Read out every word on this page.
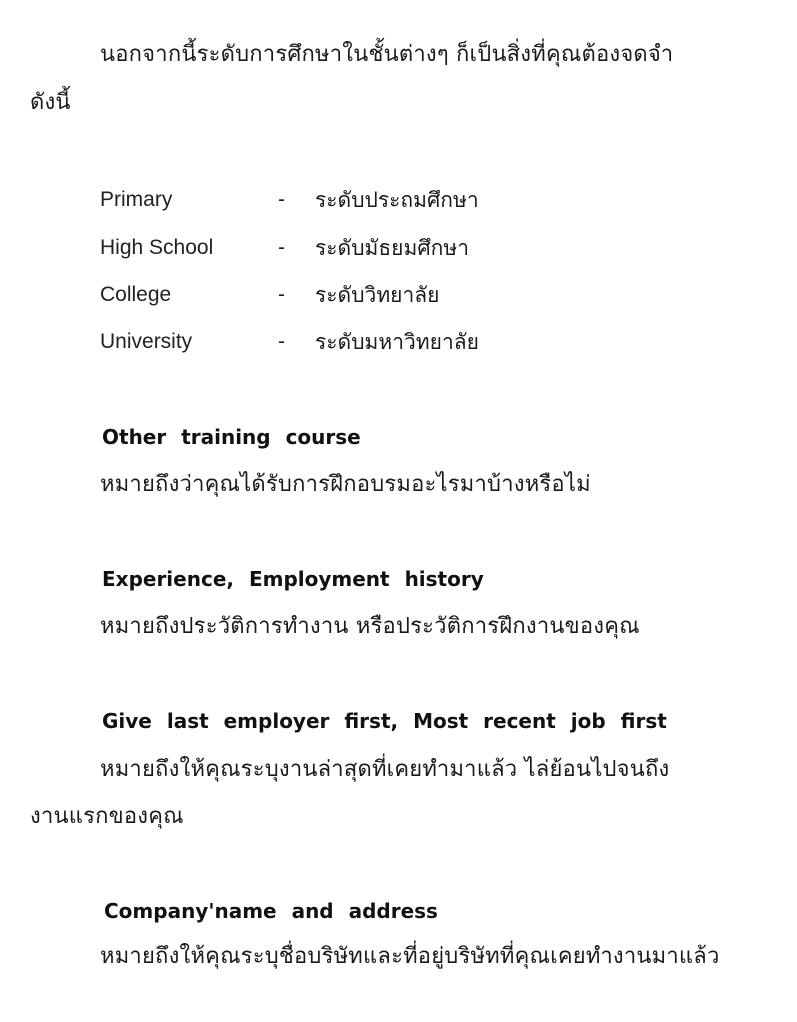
นอกจากนี้ระดับการศึกษาในชั้นต่างๆ ก็เป็นสิ่งที่คุณต้องจดจำ
ดังนี้
Primary	- ระดับประถมศึกษา
High School	- ระดับมัธยมศึกษา
College	- ระดับวิทยาลัย
University	- ระดับมหาวิทยาลัย
Other training course
หมายถึงว่าคุณได้รับการฝึกอบรมอะไรมาบ้างหรือไม่
Experience, Employment history
หมายถึงประวัติการทำงาน หรือประวัติการฝึกงานของคุณ
Give last employer first, Most recent job first
หมายถึงให้คุณระบุงานล่าสุดที่เคยทำมาแล้ว ไล่ย้อนไปจนถึง
งานแรกของคุณ
Company'name and address
หมายถึงให้คุณระบุชื่อบริษัทและที่อยู่บริษัทที่คุณเคยทำงานมาแล้ว
